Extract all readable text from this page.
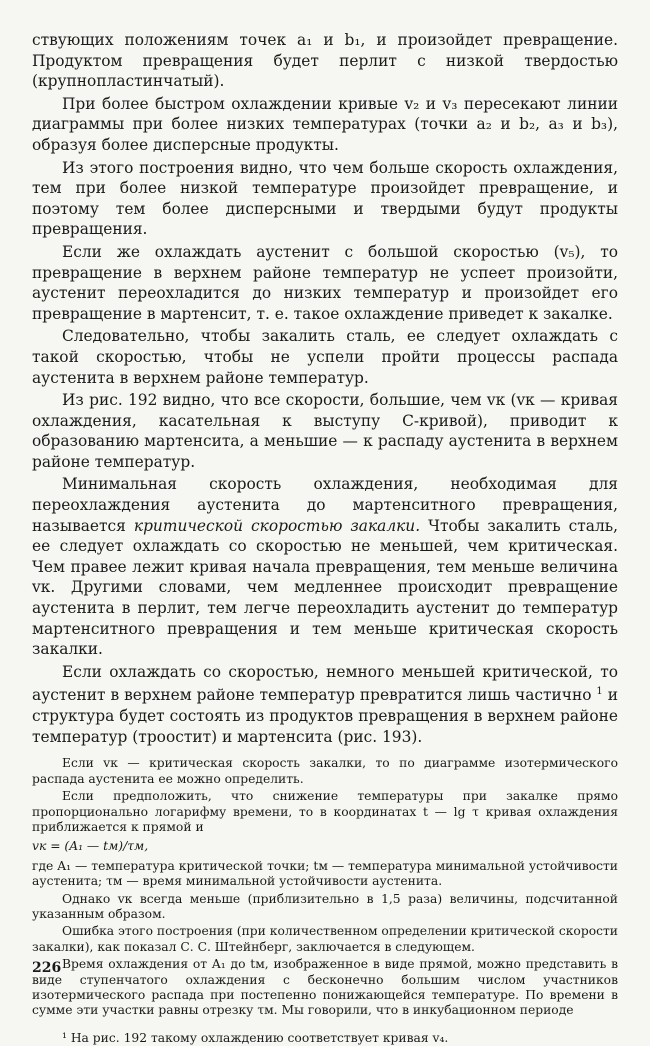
ствующих положениям точек a₁ и b₁, и произойдет превращение. Продуктом превращения будет перлит с низкой твердостью (крупнопластинчатый).

При более быстром охлаждении кривые v₂ и v₃ пересекают линии диаграммы при более низких температурах (точки a₂ и b₂, a₃ и b₃), образуя более дисперсные продукты.

Из этого построения видно, что чем больше скорость охлаждения, тем при более низкой температуре произойдет превращение, и поэтому тем более дисперсными и твердыми будут продукты превращения.

Если же охлаждать аустенит с большой скоростью (v₅), то превращение в верхнем районе температур не успеет произойти, аустенит переохладится до низких температур и произойдет его превращение в мартенсит, т. е. такое охлаждение приведет к закалке.

Следовательно, чтобы закалить сталь, ее следует охлаждать с такой скоростью, чтобы не успели пройти процессы распада аустенита в верхнем районе температур.

Из рис. 192 видно, что все скорости, большие, чем vк (vк — кривая охлаждения, касательная к выступу С-кривой), приводит к образованию мартенсита, а меньшие — к распаду аустенита в верхнем районе температур.

Минимальная скорость охлаждения, необходимая для переохлаждения аустенита до мартенситного превращения, называется критической скоростью закалки. Чтобы закалить сталь, ее следует охлаждать со скоростью не меньшей, чем критическая. Чем правее лежит кривая начала превращения, тем меньше величина vк. Другими словами, чем медленнее происходит превращение аустенита в перлит, тем легче переохладить аустенит до температур мартенситного превращения и тем меньше критическая скорость закалки.

Если охлаждать со скоростью, немного меньшей критической, то аустенит в верхнем районе температур превратится лишь частично $^1$ и структура будет состоять из продуктов превращения в верхнем районе температур (троостит) и мартенсита (рис. 193).

Если vк — критическая скорость закалки, то по диаграмме изотермического распада аустенита ее можно определить.

Если предположить, что снижение температуры при закалке прямо пропорционально логарифму времени, то в координатах t — lg τ кривая охлаждения приближается к прямой и

vк = (A₁ — tм)/τм,

где A₁ — температура критической точки; tм — температура минимальной устойчивости аустенита; τм — время минимальной устойчивости аустенита.

Однако vк всегда меньше (приблизительно в 1,5 раза) величины, подсчитанной указанным образом.

Ошибка этого построения (при количественном определении критической скорости закалки), как показал С. С. Штейнберг, заключается в следующем.

Время охлаждения от A₁ до tм, изображенное в виде прямой, можно представить в виде ступенчатого охлаждения с бесконечно большим числом участников изотермического распада при постепенно понижающейся температуре. По времени в сумме эти участки равны отрезку τм. Мы говорили, что в инкубационном периоде

¹ На рис. 192 такому охлаждению соответствует кривая v₄.

226
